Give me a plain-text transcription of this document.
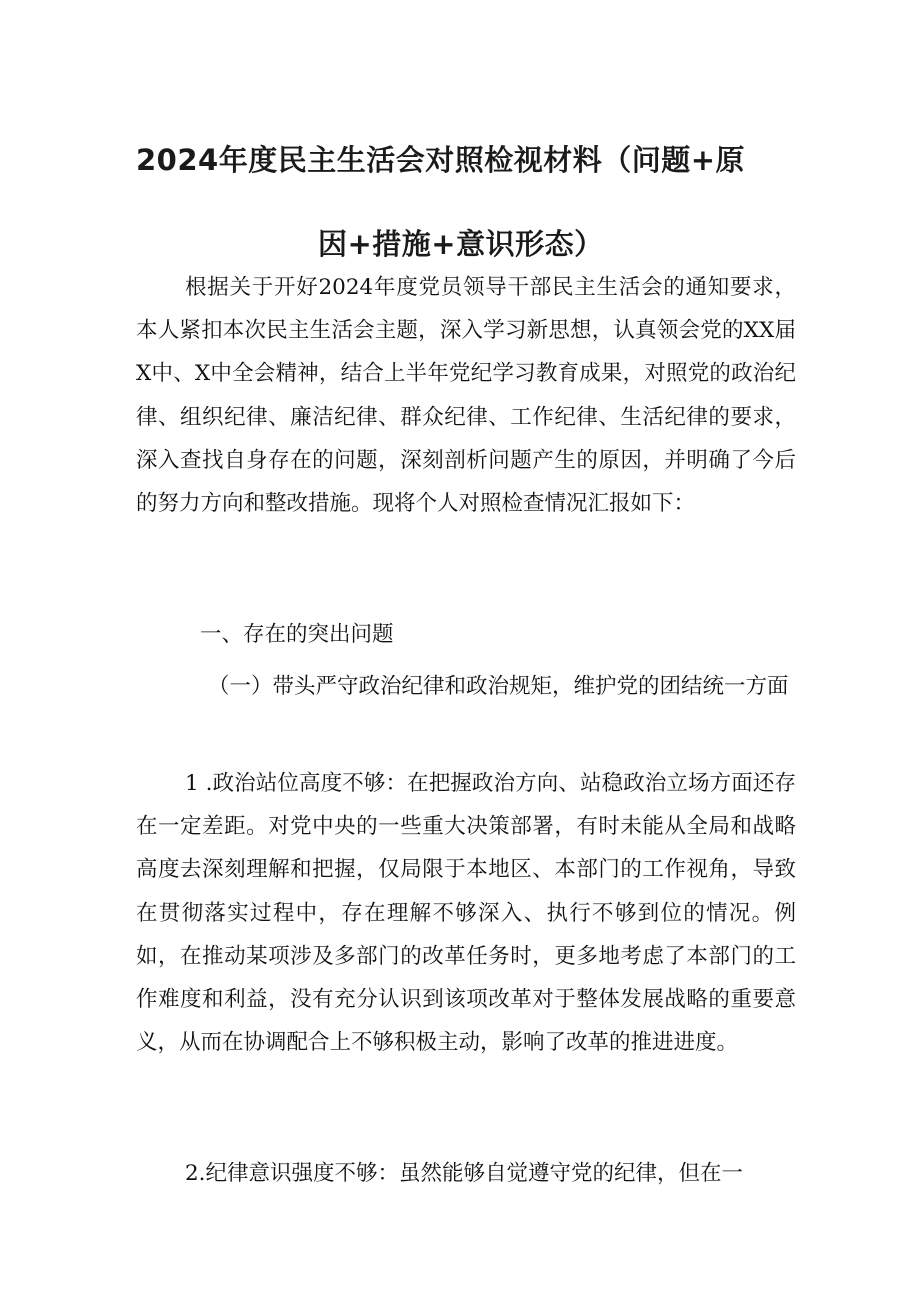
2024年度民主生活会对照检视材料（问题+原
因+措施+意识形态）

根据关于开好2024年度党员领导干部民主生活会的通知要求，本人紧扣本次民主生活会主题，深入学习新思想，认真领会党的XX届X中、X中全会精神，结合上半年党纪学习教育成果，对照党的政治纪律、组织纪律、廉洁纪律、群众纪律、工作纪律、生活纪律的要求，深入查找自身存在的问题，深刻剖析问题产生的原因，并明确了今后的努力方向和整改措施。现将个人对照检查情况汇报如下：

一、存在的突出问题

（一）带头严守政治纪律和政治规矩，维护党的团结统一方面

1 .政治站位高度不够：在把握政治方向、站稳政治立场方面还存在一定差距。对党中央的一些重大决策部署，有时未能从全局和战略高度去深刻理解和把握，仅局限于本地区、本部门的工作视角，导致在贯彻落实过程中，存在理解不够深入、执行不够到位的情况。例如，在推动某项涉及多部门的改革任务时，更多地考虑了本部门的工作难度和利益，没有充分认识到该项改革对于整体发展战略的重要意义，从而在协调配合上不够积极主动，影响了改革的推进进度。

2.纪律意识强度不够：虽然能够自觉遵守党的纪律，但在一
